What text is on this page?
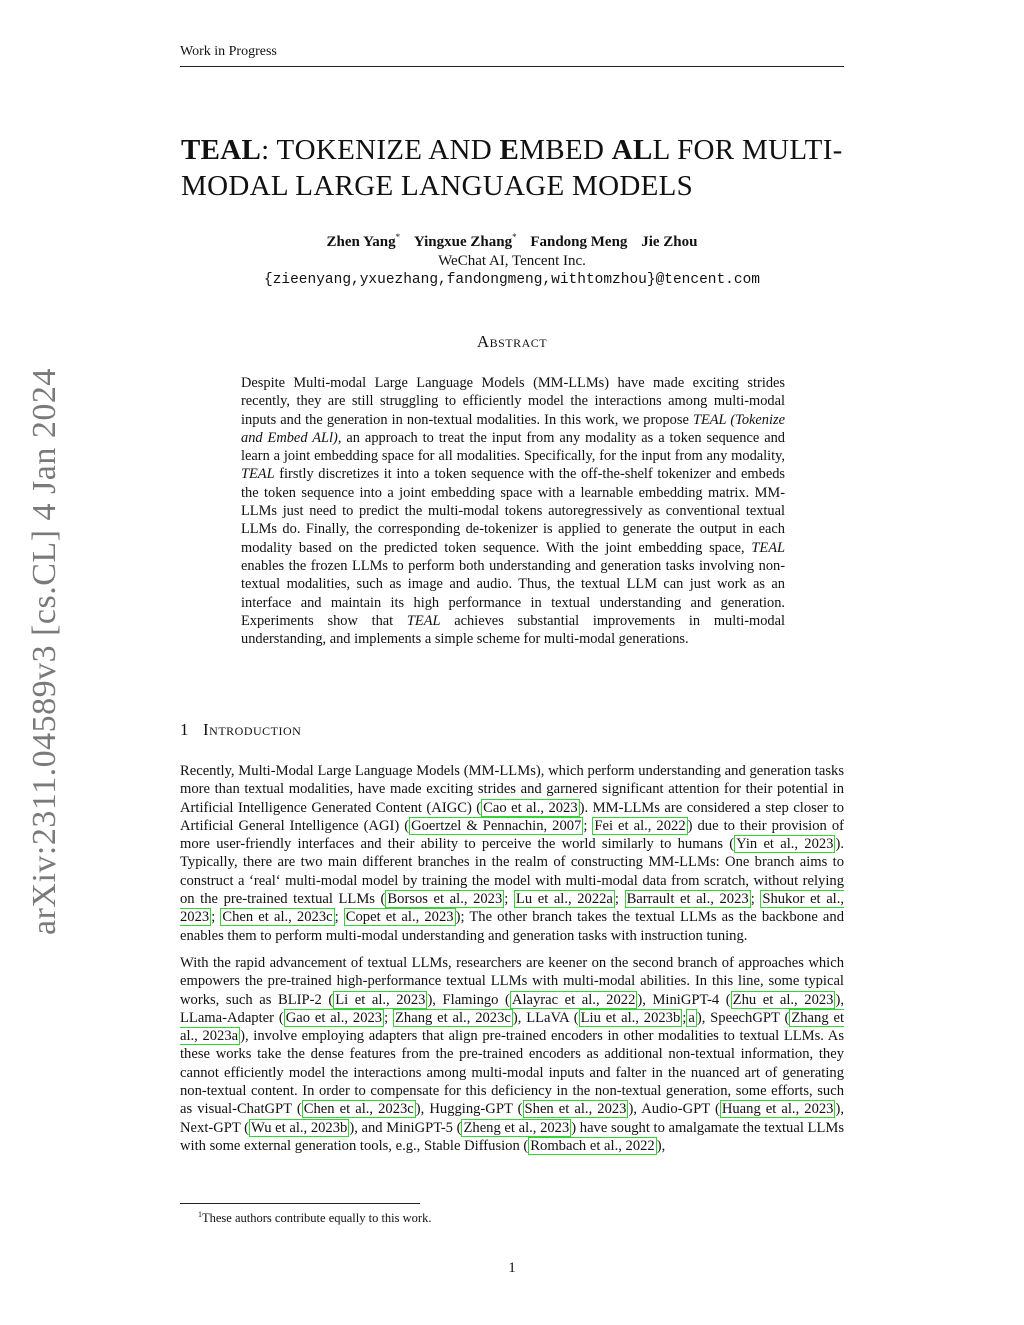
Work in Progress
TEAL: TOKENIZE AND EMBED ALL FOR MULTI-
MODAL LARGE LANGUAGE MODELS
Zhen Yang* Yingxue Zhang* Fandong Meng Jie Zhou
WeChat AI, Tencent Inc.
{zieenyang,yxuezhang,fandongmeng,withtomzhou}@tencent.com
Abstract
Despite Multi-modal Large Language Models (MM-LLMs) have made exciting strides recently, they are still struggling to efficiently model the interactions among multi-modal inputs and the generation in non-textual modalities. In this work, we propose TEAL (Tokenize and Embed ALl), an approach to treat the input from any modality as a token sequence and learn a joint embedding space for all modalities. Specifically, for the input from any modality, TEAL firstly discretizes it into a token sequence with the off-the-shelf tokenizer and embeds the token sequence into a joint embedding space with a learnable embedding matrix. MM-LLMs just need to predict the multi-modal tokens autoregressively as conventional textual LLMs do. Finally, the corresponding de-tokenizer is applied to generate the output in each modality based on the predicted token sequence. With the joint embedding space, TEAL enables the frozen LLMs to perform both understanding and generation tasks involving non-textual modalities, such as image and audio. Thus, the textual LLM can just work as an interface and maintain its high performance in textual understanding and generation. Experiments show that TEAL achieves substantial improvements in multi-modal understanding, and implements a simple scheme for multi-modal generations.
1 Introduction

Recently, Multi-Modal Large Language Models (MM-LLMs), which perform understanding and generation tasks more than textual modalities, have made exciting strides and garnered significant attention for their potential in Artificial Intelligence Generated Content (AIGC) ( Cao et al., 2023 ). MM-LLMs are considered a step closer to Artificial General Intelligence (AGI) ( Goertzel & Pennachin, 2007 ; Fei et al., 2022 ) due to their provision of more user-friendly interfaces and their ability to perceive the world similarly to humans ( Yin et al., 2023 ). Typically, there are two main different branches in the realm of constructing MM-LLMs: One branch aims to construct a ‘real‘ multi-modal model by training the model with multi-modal data from scratch, without relying on the pre-trained textual LLMs ( Borsos et al., 2023 ; Lu et al., 2022a ; Barrault et al., 2023 ; Shukor et al., 2023 ; Chen et al., 2023c ; Copet et al., 2023 ); The other branch takes the textual LLMs as the backbone and enables them to perform multi-modal understanding and generation tasks with instruction tuning.

With the rapid advancement of textual LLMs, researchers are keener on the second branch of approaches which empowers the pre-trained high-performance textual LLMs with multi-modal abilities. In this line, some typical works, such as BLIP-2 ( Li et al., 2023 ), Flamingo ( Alayrac et al., 2022 ), MiniGPT-4 ( Zhu et al., 2023 ), LLama-Adapter ( Gao et al., 2023 ; Zhang et al., 2023c ), LLaVA ( Liu et al., 2023b ; a ), SpeechGPT ( Zhang et al., 2023a ), involve employing adapters that align pre-trained encoders in other modalities to textual LLMs. As these works take the dense features from the pre-trained encoders as additional non-textual information, they cannot efficiently model the interactions among multi-modal inputs and falter in the nuanced art of generating non-textual content. In order to compensate for this deficiency in the non-textual generation, some efforts, such as visual-ChatGPT ( Chen et al., 2023c ), Hugging-GPT ( Shen et al., 2023 ), Audio-GPT ( Huang et al., 2023 ), Next-GPT ( Wu et al., 2023b ), and MiniGPT-5 ( Zheng et al., 2023 ) have sought to amalgamate the textual LLMs with some external generation tools, e.g., Stable Diffusion ( Rombach et al., 2022 ),

$^1$These authors contribute equally to this work.
1
arXiv:2311.04589v3 [cs.CL] 4 Jan 2024
